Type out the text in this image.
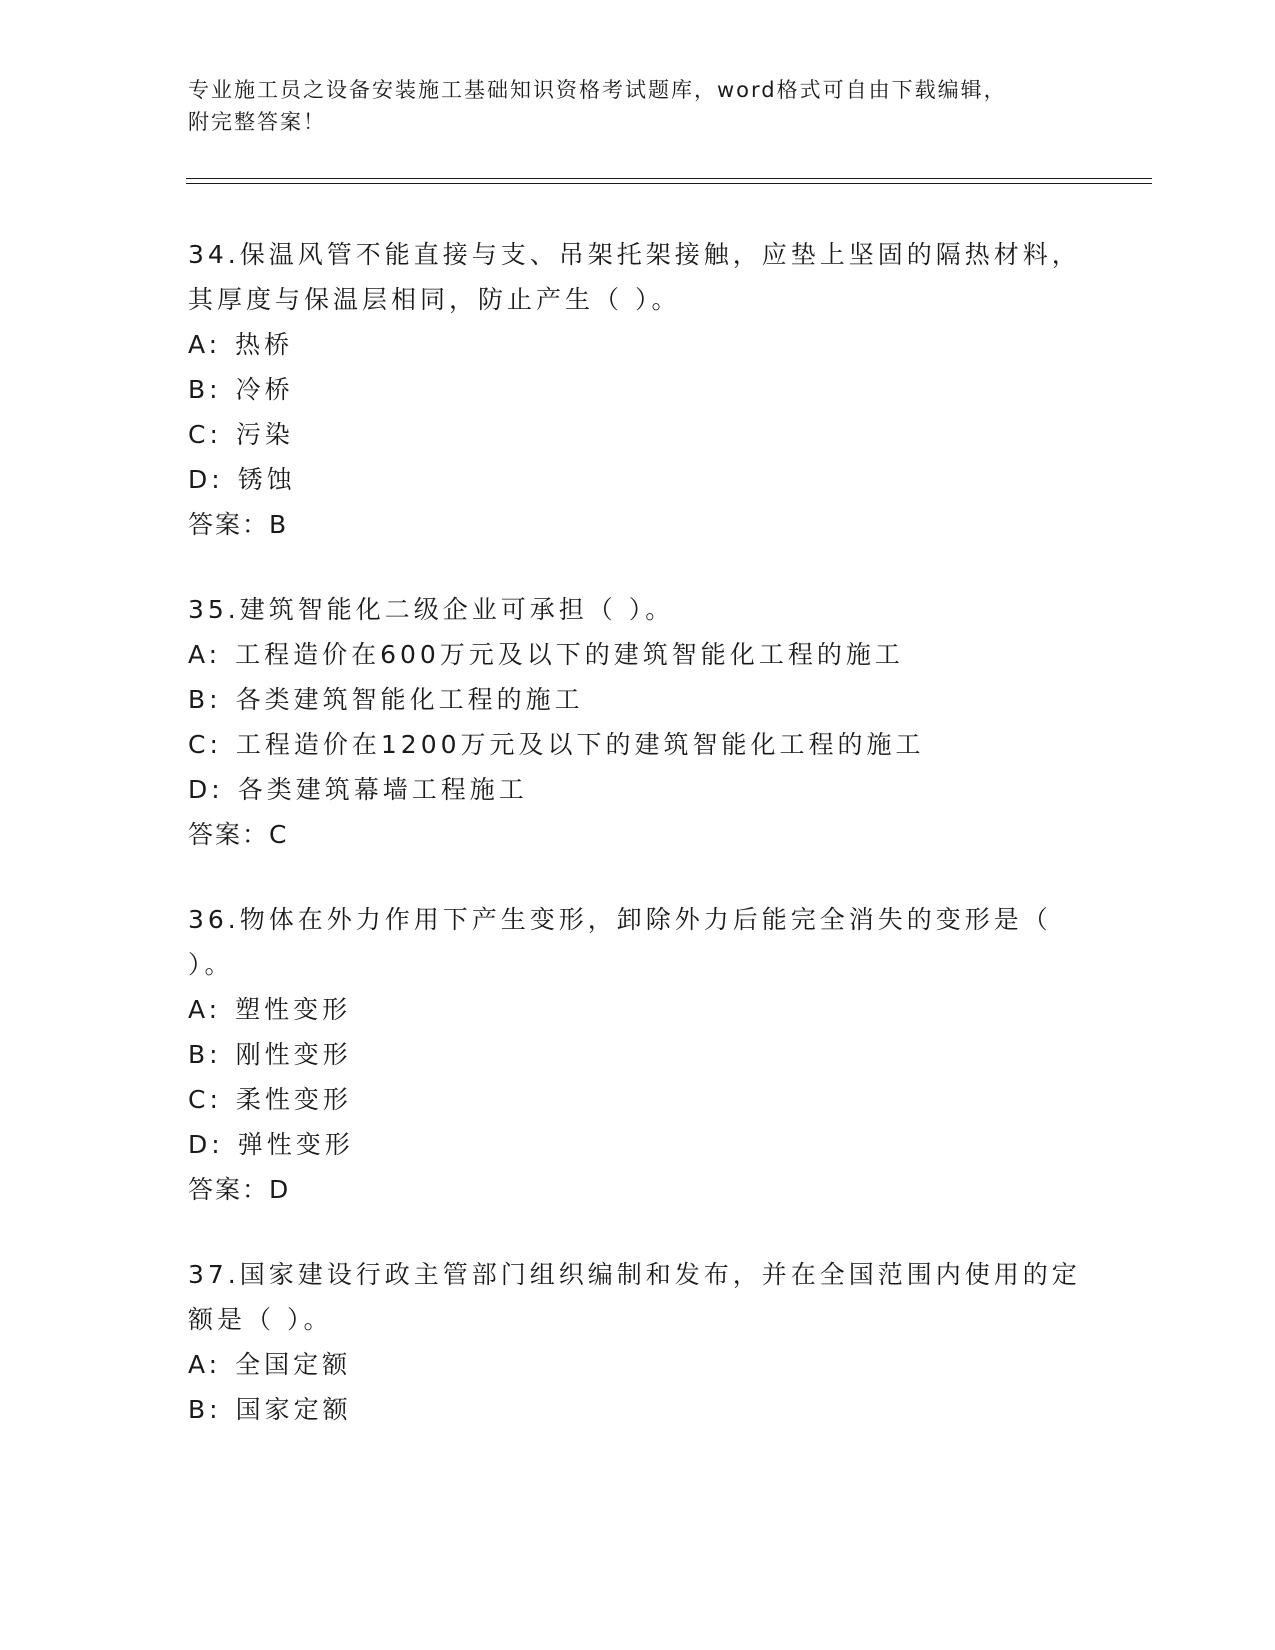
专业施工员之设备安装施工基础知识资格考试题库，word格式可自由下载编辑，
附完整答案！
34.保温风管不能直接与支、吊架托架接触，应垫上坚固的隔热材料，
其厚度与保温层相同，防止产生（ ）。
A: 热桥
B: 冷桥
C: 污染
D: 锈蚀
答案：B
35.建筑智能化二级企业可承担（ ）。
A: 工程造价在600万元及以下的建筑智能化工程的施工
B: 各类建筑智能化工程的施工
C: 工程造价在1200万元及以下的建筑智能化工程的施工
D: 各类建筑幕墙工程施工
答案：C
36.物体在外力作用下产生变形，卸除外力后能完全消失的变形是（
）。
A: 塑性变形
B: 刚性变形
C: 柔性变形
D: 弹性变形
答案：D
37.国家建设行政主管部门组织编制和发布，并在全国范围内使用的定
额是（ ）。
A: 全国定额
B: 国家定额
